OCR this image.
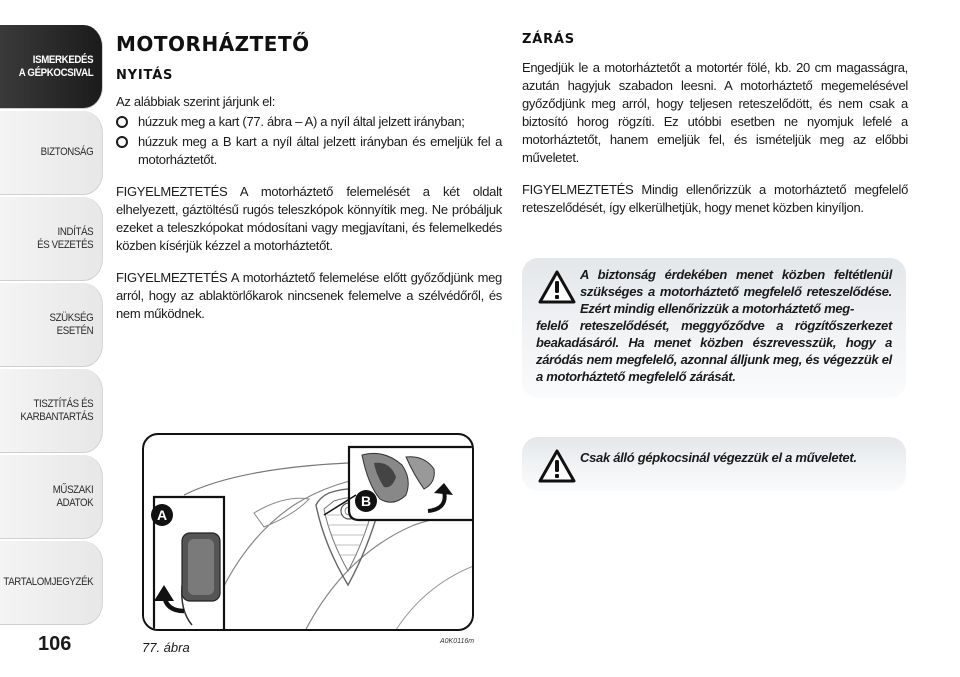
ISMERKEDÉS
A GÉPKOCSIVAL
BIZTONSÁG
INDÍTÁS
ÉS VEZETÉS
SZÜKSÉG
ESETÉN
TISZTÍTÁS ÉS
KARBANTARTÁS
MŰSZAKI
ADATOK
TARTALOMJEGYZÉK
106
MOTORHÁZTETŐ
NYITÁS

Az alábbiak szerint járjunk el:

húzzuk meg a kart (77. ábra – A) a nyíl által jelzett irányban;
húzzuk meg a B kart a nyíl által jelzett irányban és emeljük fel a motorháztetőt.

FIGYELMEZTETÉS A motorháztető felemelését a két oldalt elhelyezett, gáztöltésű rugós teleszkópok könnyítik meg. Ne próbáljuk ezeket a teleszkópokat módosítani vagy megjavítani, és felemelkedés közben kísérjük kézzel a motorháztetőt.

FIGYELMEZTETÉS A motorháztető felemelése előtt győződjünk meg arról, hogy az ablaktörlőkarok nincsenek felemelve a szélvédőről, és nem működnek.

ZÁRÁS

Engedjük le a motorháztetőt a motortér fölé, kb. 20 cm magasságra, azután hagyjuk szabadon leesni. A motorháztető megemelésével győződjünk meg arról, hogy teljesen reteszelődött, és nem csak a biztosító horog rögzíti. Ez utóbbi esetben ne nyomjuk lefelé a motorháztetőt, hanem emeljük fel, és ismételjük meg az előbbi műveletet.

FIGYELMEZTETÉS Mindig ellenőrizzük a motorháztető megfelelő reteszelődését, így elkerülhetjük, hogy menet közben kinyíljon.

A biztonság érdekében menet közben feltétlenül szükséges a motorháztető megfelelő reteszelődése. Ezért mindig ellenőrizzük a motorháztető meg-
felelő reteszelődését, meggyőződve a rögzítőszerkezet beakadásáról. Ha menet közben észrevesszük, hogy a záródás nem megfelelő, azonnal álljunk meg, és végezzük el a motorháztető megfelelő zárását.
Csak álló gépkocsinál végezzük el a műveletet.
B
A
77. ábra	A0K0116m
